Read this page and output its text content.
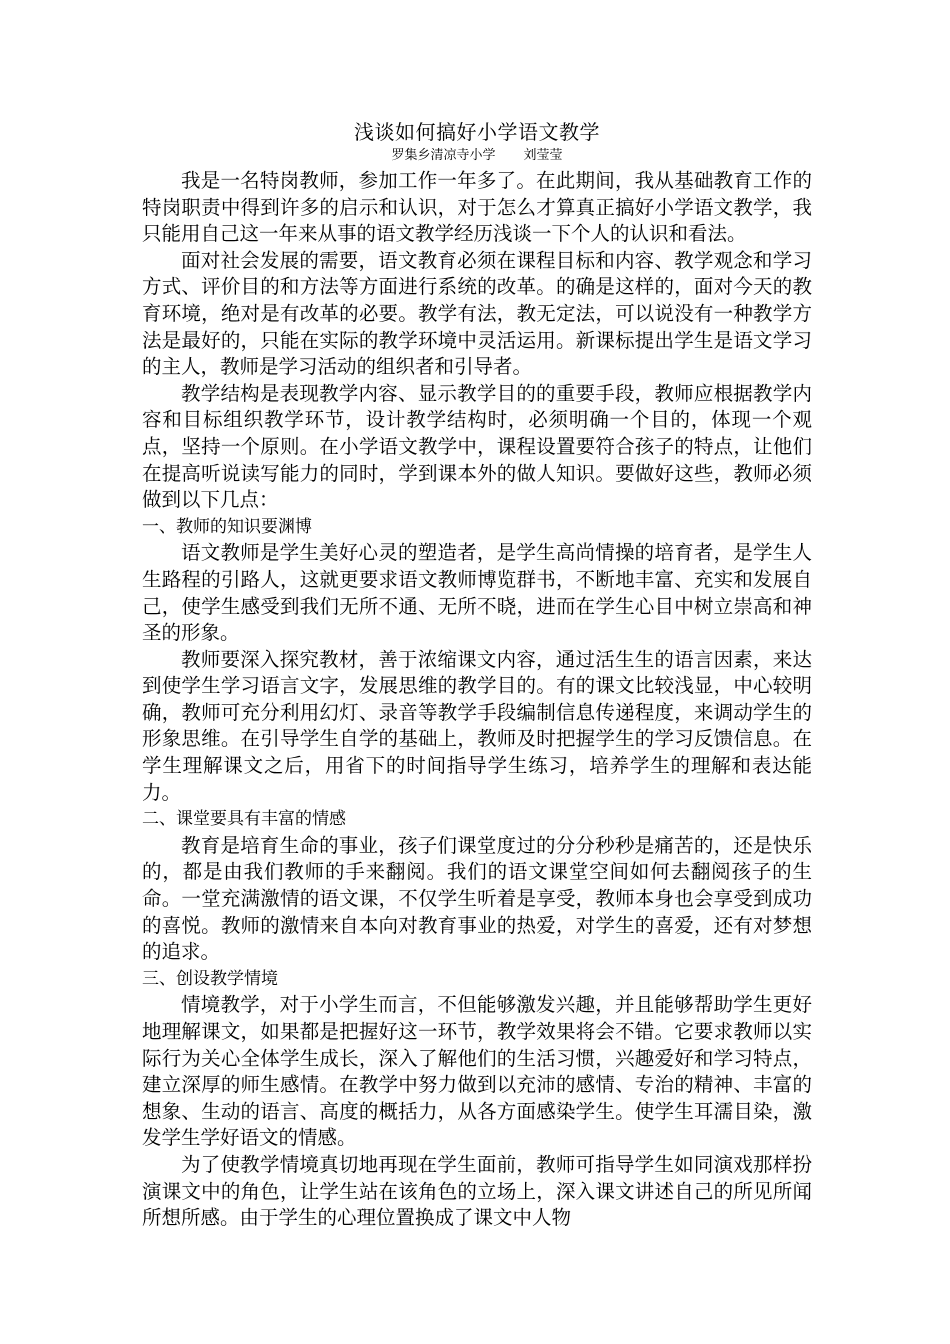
浅谈如何搞好小学语文教学
罗集乡清凉寺小学 刘莹莹

我是一名特岗教师，参加工作一年多了。在此期间，我从基础教育工作的特岗职责中得到许多的启示和认识，对于怎么才算真正搞好小学语文教学，我只能用自己这一年来从事的语文教学经历浅谈一下个人的认识和看法。

面对社会发展的需要，语文教育必须在课程目标和内容、教学观念和学习方式、评价目的和方法等方面进行系统的改革。的确是这样的，面对今天的教育环境，绝对是有改革的必要。教学有法，教无定法，可以说没有一种教学方法是最好的，只能在实际的教学环境中灵活运用。新课标提出学生是语文学习的主人，教师是学习活动的组织者和引导者。

教学结构是表现教学内容、显示教学目的的重要手段，教师应根据教学内容和目标组织教学环节，设计教学结构时，必须明确一个目的，体现一个观点，坚持一个原则。在小学语文教学中，课程设置要符合孩子的特点，让他们在提高听说读写能力的同时，学到课本外的做人知识。要做好这些，教师必须做到以下几点：

一、教师的知识要渊博

语文教师是学生美好心灵的塑造者，是学生高尚情操的培育者，是学生人生路程的引路人，这就更要求语文教师博览群书，不断地丰富、充实和发展自己，使学生感受到我们无所不通、无所不晓，进而在学生心目中树立崇高和神圣的形象。

教师要深入探究教材，善于浓缩课文内容，通过活生生的语言因素，来达到使学生学习语言文字，发展思维的教学目的。有的课文比较浅显，中心较明确，教师可充分利用幻灯、录音等教学手段编制信息传递程度，来调动学生的形象思维。在引导学生自学的基础上，教师及时把握学生的学习反馈信息。在学生理解课文之后，用省下的时间指导学生练习，培养学生的理解和表达能力。

二、课堂要具有丰富的情感

教育是培育生命的事业，孩子们课堂度过的分分秒秒是痛苦的，还是快乐的，都是由我们教师的手来翻阅。我们的语文课堂空间如何去翻阅孩子的生命。一堂充满激情的语文课，不仅学生听着是享受，教师本身也会享受到成功的喜悦。教师的激情来自本向对教育事业的热爱，对学生的喜爱，还有对梦想的追求。

三、创设教学情境

情境教学，对于小学生而言，不但能够激发兴趣，并且能够帮助学生更好地理解课文，如果都是把握好这一环节，教学效果将会不错。它要求教师以实际行为关心全体学生成长，深入了解他们的生活习惯，兴趣爱好和学习特点，建立深厚的师生感情。在教学中努力做到以充沛的感情、专治的精神、丰富的想象、生动的语言、高度的概括力，从各方面感染学生。使学生耳濡目染，激发学生学好语文的情感。

为了使教学情境真切地再现在学生面前，教师可指导学生如同演戏那样扮演课文中的角色，让学生站在该角色的立场上，深入课文讲述自己的所见所闻所想所感。由于学生的心理位置换成了课文中人物
